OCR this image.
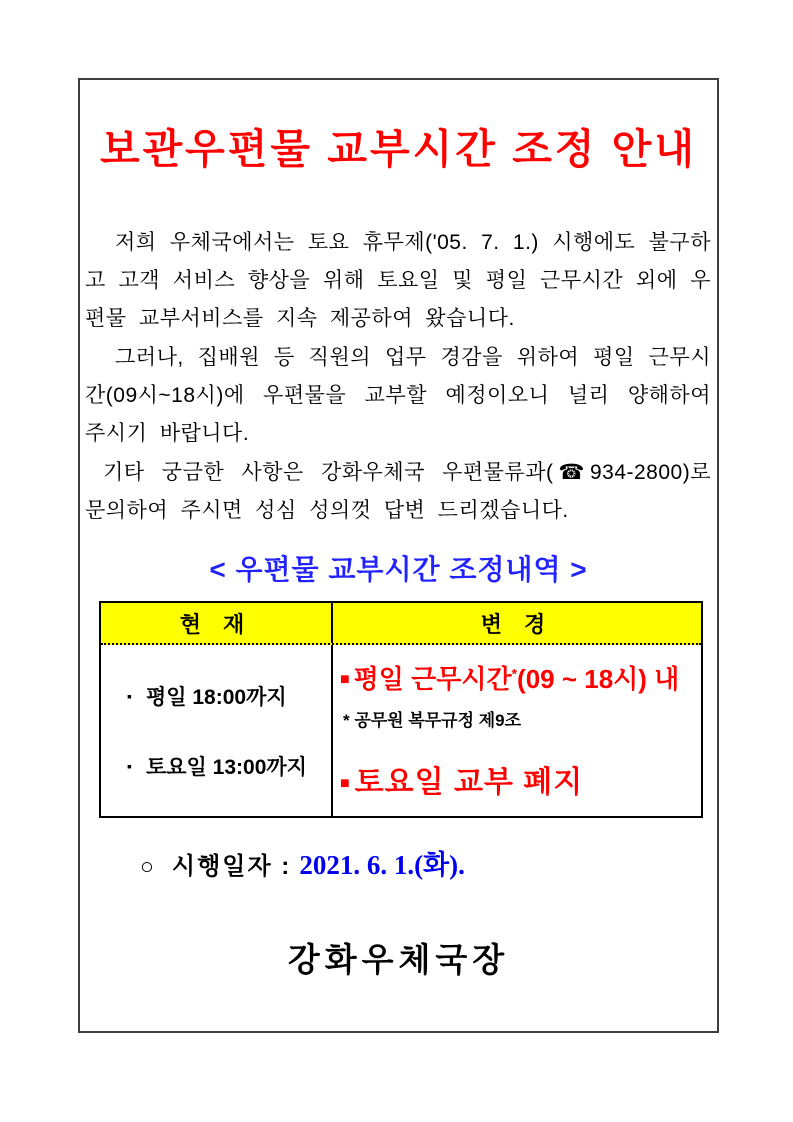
보관우편물 교부시간 조정 안내

저희 우체국에서는 토요 휴무제('05. 7. 1.) 시행에도 불구하고 고객 서비스 향상을 위해 토요일 및 평일 근무시간 외에 우편물 교부서비스를 지속 제공하여 왔습니다.

그러나, 집배원 등 직원의 업무 경감을 위하여 평일 근무시간(09시~18시)에 우편물을 교부할 예정이오니 널리 양해하여 주시기 바랍니다.

기타 궁금한 사항은 강화우체국 우편물류과(☎934-2800)로 문의하여 주시면 성심 성의껏 답변 드리겠습니다.

< 우편물 교부시간 조정내역 >
현 재	변 경
▪ 평일 18:00까지
▪ 토요일 13:00까지
■ 평일 근무시간*(09 ~ 18시) 내
* 공무원 복무규정 제9조
■ 토요일 교부 폐지
○ 시행일자 : 2021. 6. 1.(화).
강화우체국장
